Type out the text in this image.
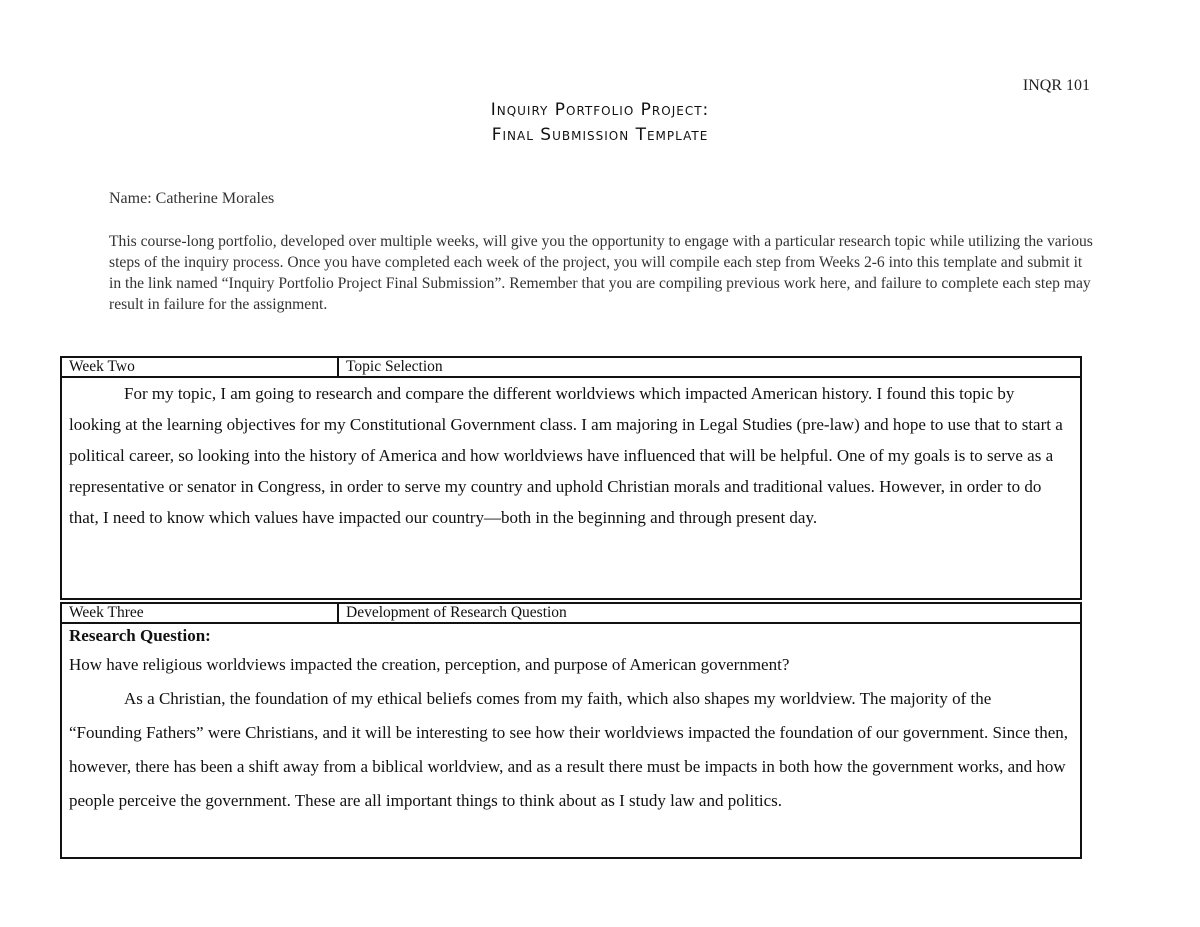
INQR 101
Inquiry Portfolio Project:
Final Submission Template
Name: Catherine Morales

This course-long portfolio, developed over multiple weeks, will give you the opportunity to engage with a particular research topic while utilizing the various steps of the inquiry process. Once you have completed each week of the project, you will compile each step from Weeks 2-6 into this template and submit it in the link named “Inquiry Portfolio Project Final Submission”. Remember that you are compiling previous work here, and failure to complete each step may result in failure for the assignment.

Week Two	Topic Selection

For my topic, I am going to research and compare the different worldviews which impacted American history. I found this topic by looking at the learning objectives for my Constitutional Government class. I am majoring in Legal Studies (pre-law) and hope to use that to start a political career, so looking into the history of America and how worldviews have influenced that will be helpful. One of my goals is to serve as a representative or senator in Congress, in order to serve my country and uphold Christian morals and traditional values. However, in order to do that, I need to know which values have impacted our country—both in the beginning and through present day.

Week Three	Development of Research Question

Research Question:

How have religious worldviews impacted the creation, perception, and purpose of American government?

As a Christian, the foundation of my ethical beliefs comes from my faith, which also shapes my worldview. The majority of the “Founding Fathers” were Christians, and it will be interesting to see how their worldviews impacted the foundation of our government. Since then, however, there has been a shift away from a biblical worldview, and as a result there must be impacts in both how the government works, and how people perceive the government. These are all important things to think about as I study law and politics.
